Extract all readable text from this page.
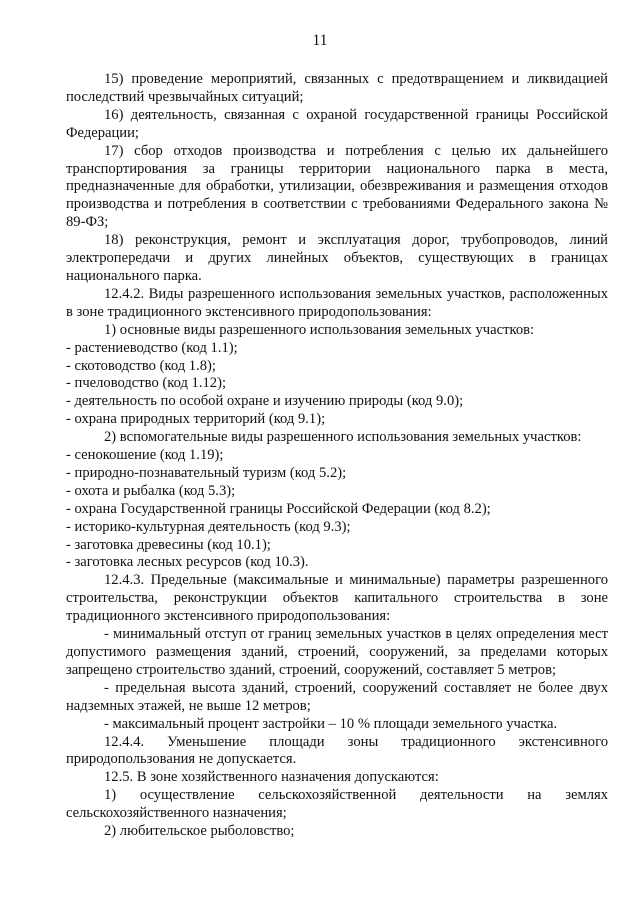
11

15) проведение мероприятий, связанных с предотвращением и ликвидацией последствий чрезвычайных ситуаций;

16) деятельность, связанная с охраной государственной границы Российской Федерации;

17) сбор отходов производства и потребления с целью их дальнейшего транспортирования за границы территории национального парка в места, предназначенные для обработки, утилизации, обезвреживания и размещения отходов производства и потребления в соответствии с требованиями Федерального закона № 89-ФЗ;

18) реконструкция, ремонт и эксплуатация дорог, трубопроводов, линий электропередачи и других линейных объектов, существующих в границах национального парка.

12.4.2. Виды разрешенного использования земельных участков, расположенных в зоне традиционного экстенсивного природопользования:

1) основные виды разрешенного использования земельных участков:

- растениеводство (код 1.1);

- скотоводство (код 1.8);

- пчеловодство (код 1.12);

- деятельность по особой охране и изучению природы (код 9.0);

- охрана природных территорий (код 9.1);

2) вспомогательные виды разрешенного использования земельных участков:

- сенокошение (код 1.19);

- природно-познавательный туризм (код 5.2);

- охота и рыбалка (код 5.3);

- охрана Государственной границы Российской Федерации (код 8.2);

- историко-культурная деятельность (код 9.3);

- заготовка древесины (код 10.1);

- заготовка лесных ресурсов (код 10.3).

12.4.3. Предельные (максимальные и минимальные) параметры разрешенного строительства, реконструкции объектов капитального строительства в зоне традиционного экстенсивного природопользования:

- минимальный отступ от границ земельных участков в целях определения мест допустимого размещения зданий, строений, сооружений, за пределами которых запрещено строительство зданий, строений, сооружений, составляет 5 метров;

- предельная высота зданий, строений, сооружений составляет не более двух надземных этажей, не выше 12 метров;

- максимальный процент застройки – 10 % площади земельного участка.

12.4.4. Уменьшение площади зоны традиционного экстенсивного природопользования не допускается.

12.5. В зоне хозяйственного назначения допускаются:

1) осуществление сельскохозяйственной деятельности на землях сельскохозяйственного назначения;

2) любительское рыболовство;
